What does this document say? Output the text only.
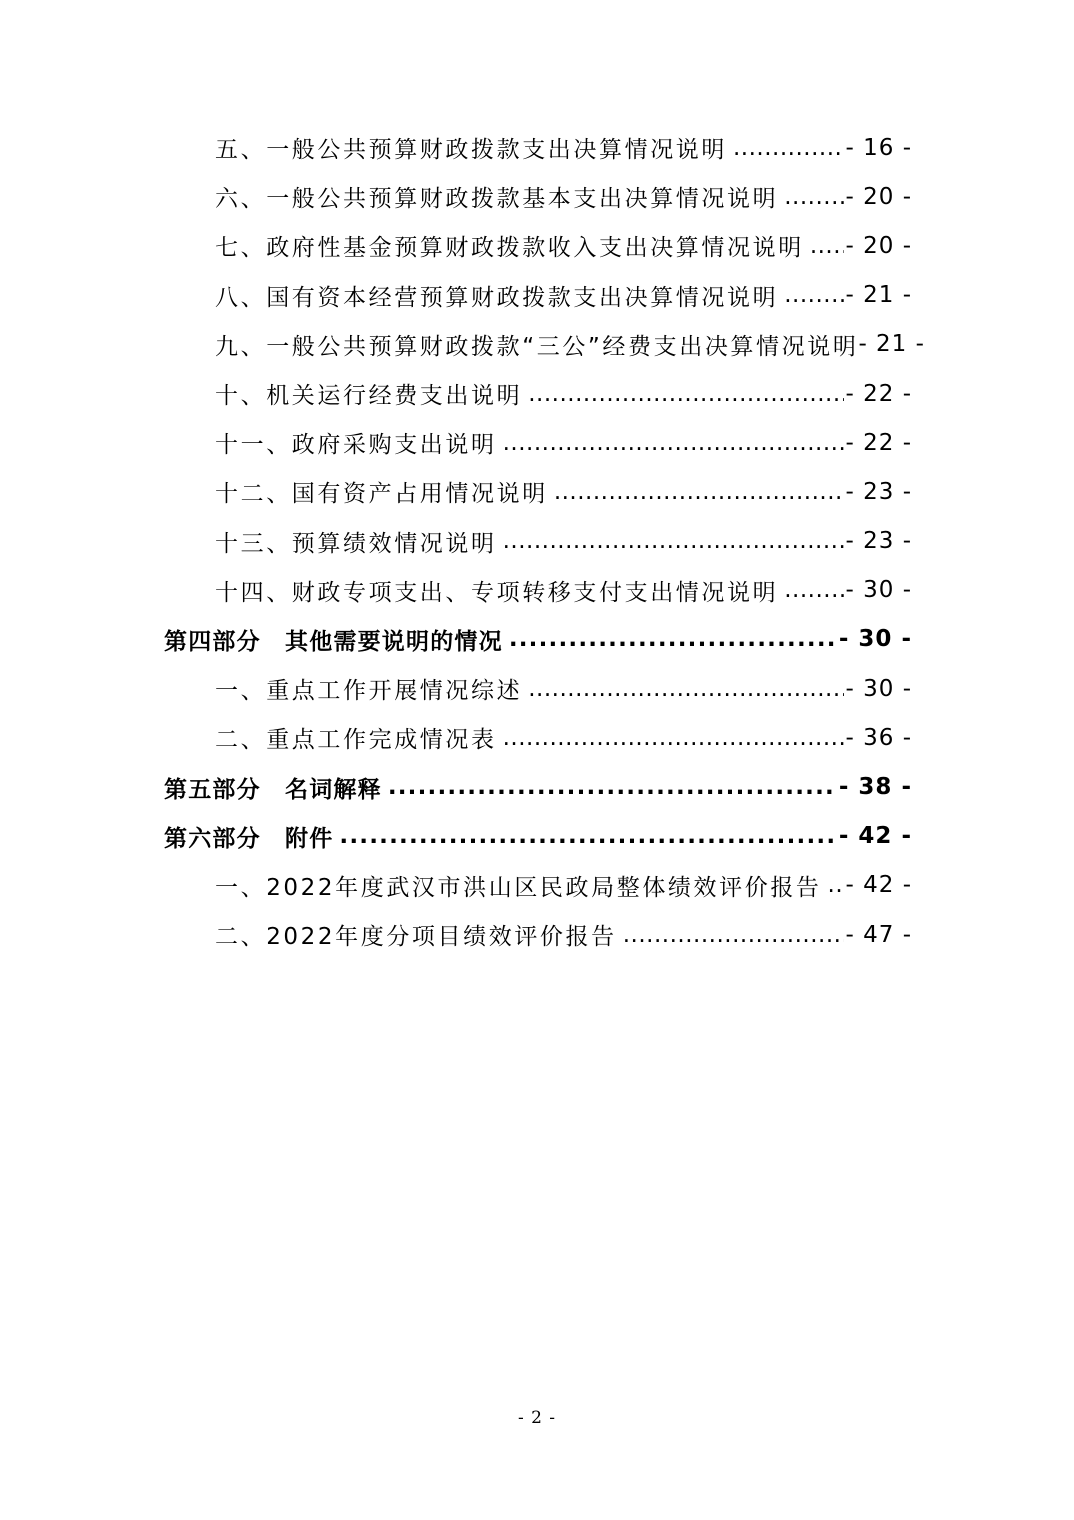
五、一般公共预算财政拨款支出决算情况说明 .....	- 16 -
六、一般公共预算财政拨款基本支出决算情况说明 .....	- 20 -
七、政府性基金预算财政拨款收入支出决算情况说明 ..... - 20 -
八、国有资本经营预算财政拨款支出决算情况说明 .....	- 21 -
九、一般公共预算财政拨款“三公”经费支出决算情况说明 - 21 -
十、机关运行经费支出说明 .....	- 22 -
十一、政府采购支出说明 .....	- 22 -
十二、国有资产占用情况说明 .....	- 23 -
十三、预算绩效情况说明 .....	- 23 -
十四、财政专项支出、专项转移支付支出情况说明 .....	- 30 -
第四部分　其他需要说明的情况 .....	- 30 -
一、重点工作开展情况综述 .....	- 30 -
二、重点工作完成情况表 .....	- 36 -
第五部分　名词解释 .....	- 38 -
第六部分　附件 .....	- 42 -
一、2022年度武汉市洪山区民政局整体绩效评价报告 ..... - 42 -
二、2022年度分项目绩效评价报告 .....	- 47 -
- 2 -
